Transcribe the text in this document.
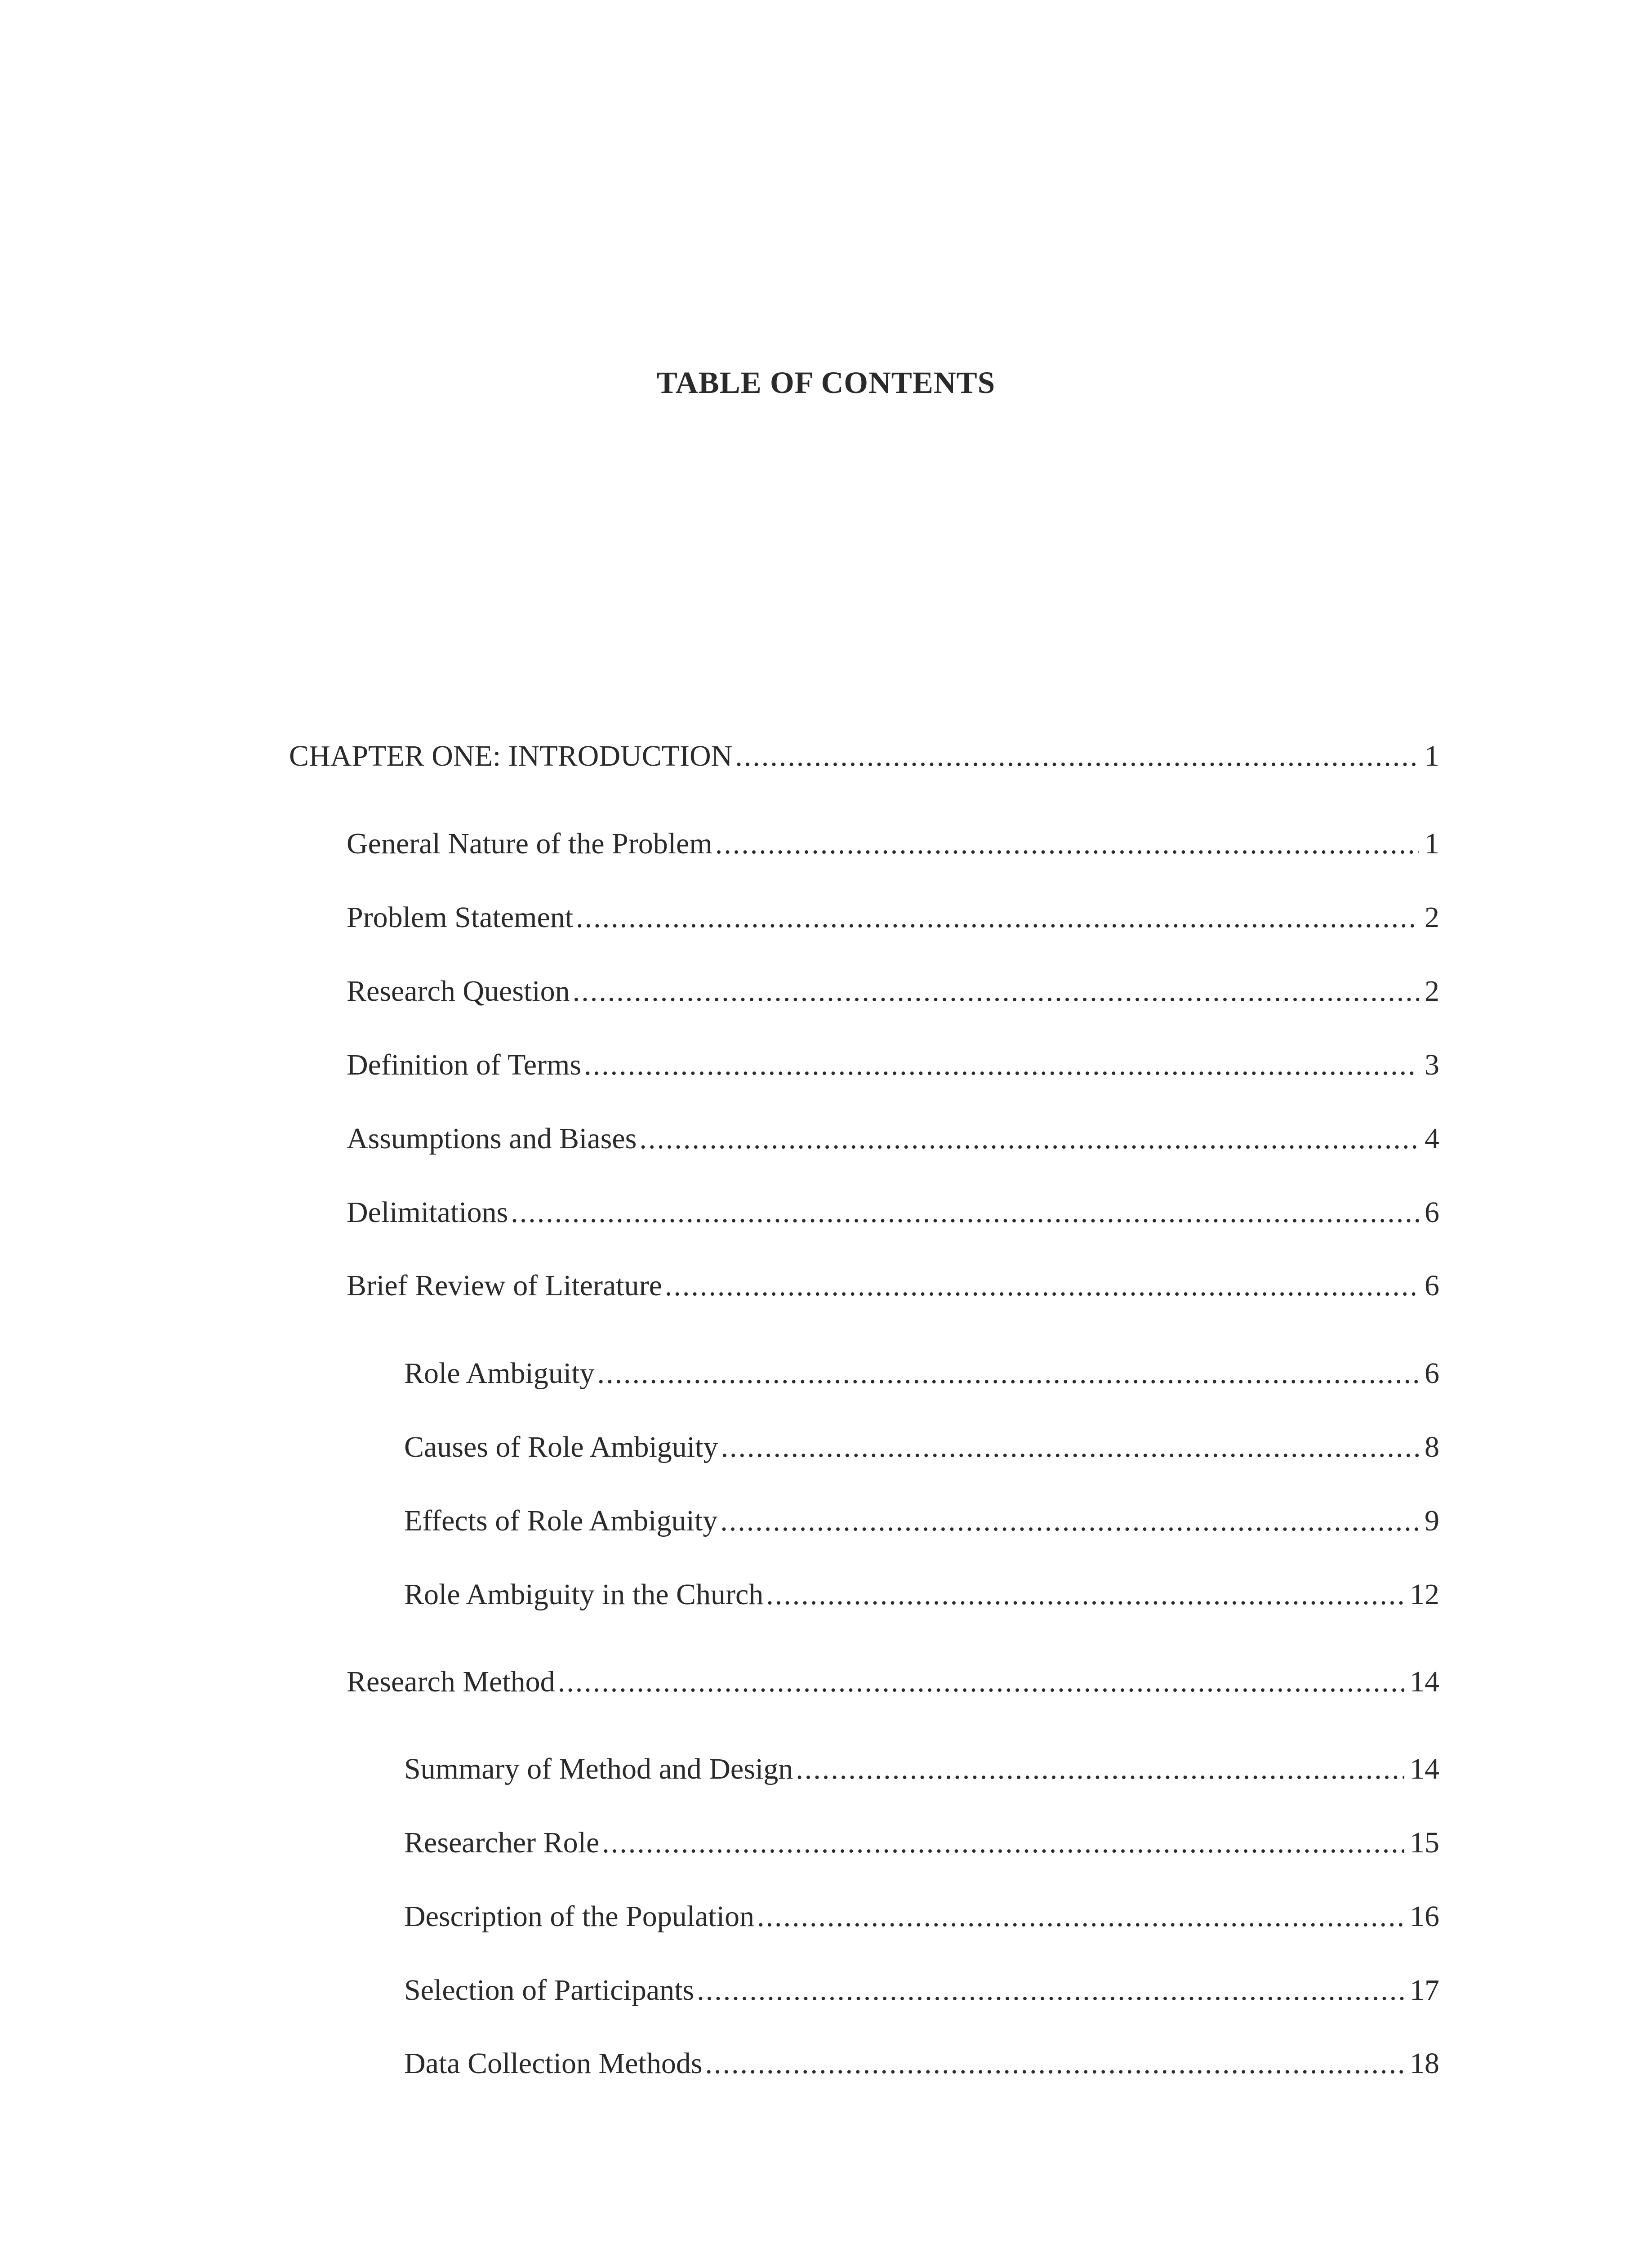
TABLE OF CONTENTS
CHAPTER ONE: INTRODUCTION .....	1
General Nature of the Problem .....	1
Problem Statement .....	2
Research Question .....	2
Definition of Terms .....	3
Assumptions and Biases .....	4
Delimitations .....	6
Brief Review of Literature .....	6
Role Ambiguity .....	6
Causes of Role Ambiguity .....	8
Effects of Role Ambiguity .....	9
Role Ambiguity in the Church .....	12
Research Method .....	14
Summary of Method and Design .....	14
Researcher Role .....	15
Description of the Population .....	16
Selection of Participants .....	17
Data Collection Methods .....	18
